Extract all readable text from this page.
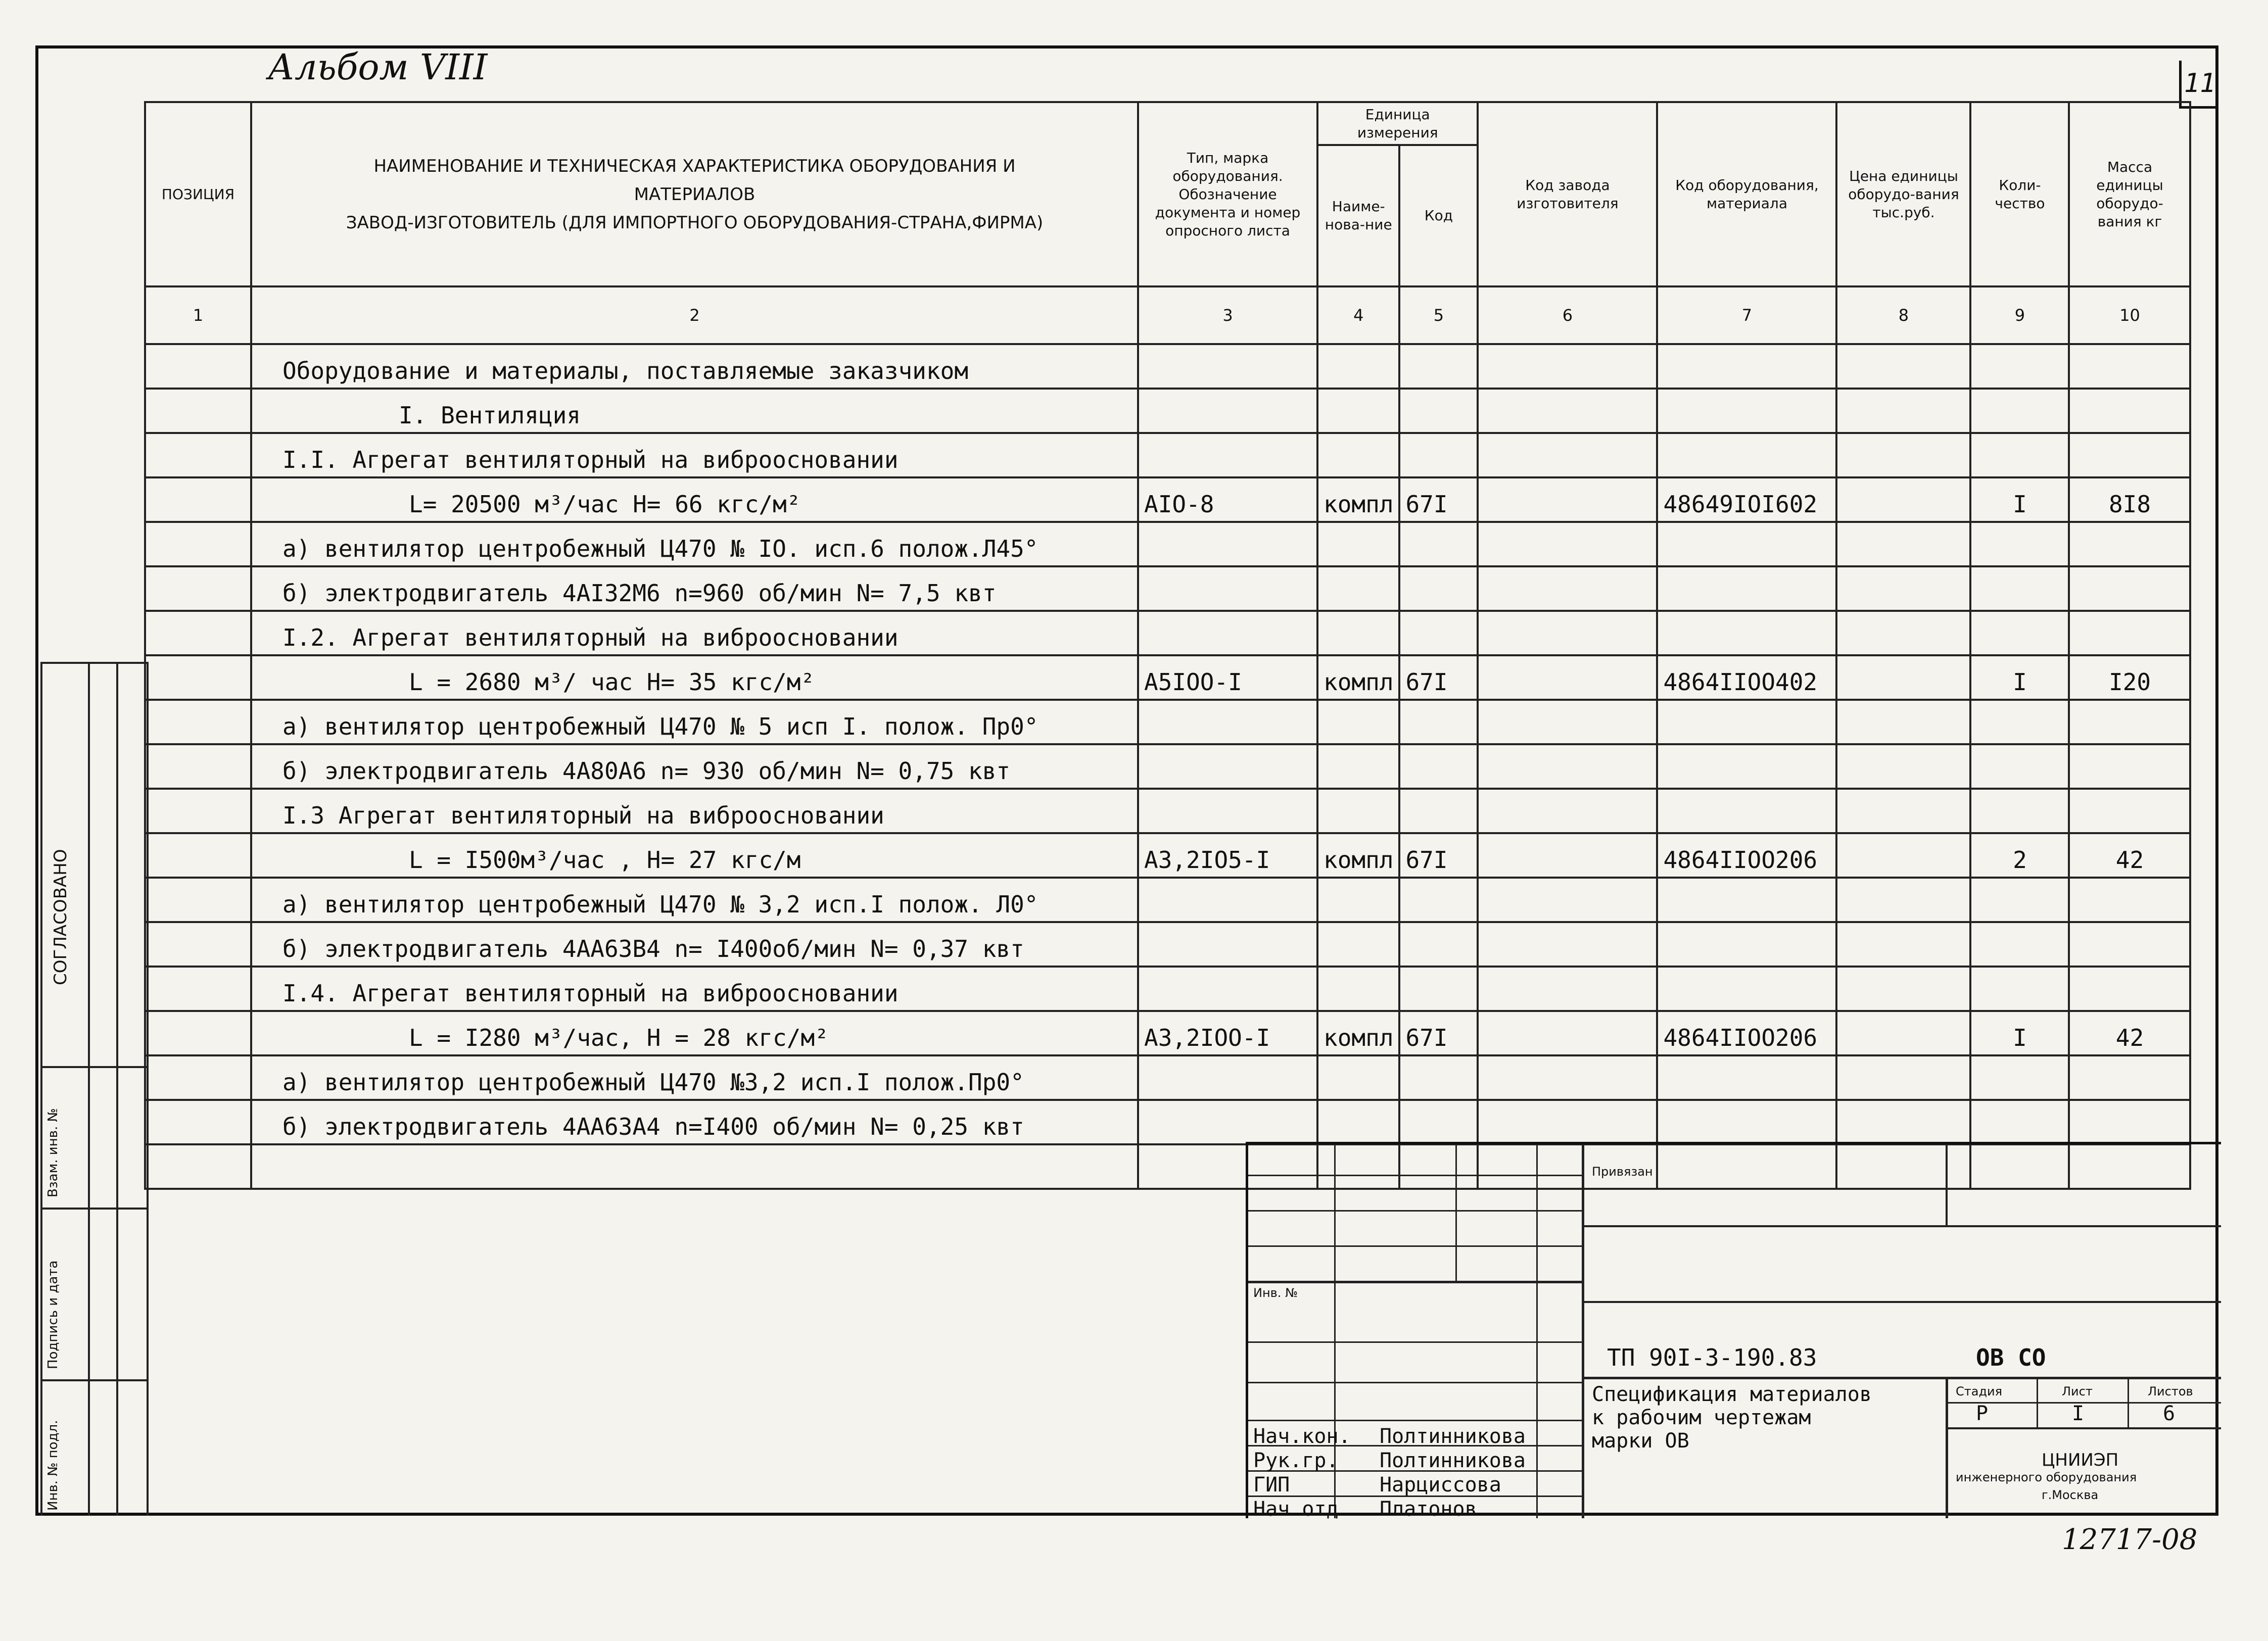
11
Альбом VIII
ПОЗИЦИЯ	НАИМЕНОВАНИЕ И ТЕХНИЧЕСКАЯ ХАРАКТЕРИСТИКА ОБОРУДОВАНИЯ И
МАТЕРИАЛОВ
ЗАВОД-ИЗГОТОВИТЕЛЬ (ДЛЯ ИМПОРТНОГО ОБОРУДОВАНИЯ-СТРАНА,ФИРМА)	Тип, марка оборудования. Обозначение документа и номер опросного листа	Единица измерения		Код завода изготовителя	Код оборудования, материала	Цена единицы оборудо-вания тыс.руб.	Коли-чество	Масса единицы оборудо-вания кг
			Наиме-нова-ние	Код					
1	2	3	4	5	6	7	8	9	10
	Оборудование и материалы, поставляемые заказчиком								
	I. Вентиляция								
	I.I. Агрегат вентиляторный на виброосновании								
	L= 20500 м³/час H= 66 кгс/м²	AIO-8	компл	67I		48649IOI602		I	8I8
	а) вентилятор центробежный Ц470 № IO. исп.6 полож.Л45°								
	б) электродвигатель 4АI32М6 n=960 об/мин N= 7,5 квт								
	I.2. Агрегат вентиляторный на виброосновании								
	L = 2680 м³/ час H= 35 кгс/м²	A5IOO-I	компл	67I		4864IIOO402		I	I20
	а) вентилятор центробежный Ц470 № 5 исп I. полож. Пр0°								
	б) электродвигатель 4А80А6 n= 930 об/мин N= 0,75 квт								
	I.3 Агрегат вентиляторный на виброосновании								
	L = I500м³/час , H= 27 кгс/м	A3,2IO5-I	компл	67I		4864IIOO206		2	42
	а) вентилятор центробежный Ц470 № 3,2 исп.I полож. Л0°								
	б) электродвигатель 4АА63В4 n= I400об/мин N= 0,37 квт								
	I.4. Агрегат вентиляторный на виброосновании								
	L = I280 м³/час, H = 28 кгс/м²	A3,2IOO-I	компл	67I		4864IIOO206		I	42
	а) вентилятор центробежный Ц470 №3,2 исп.I полож.Пр0°								
	б) электродвигатель 4АА63А4 n=I400 об/мин N= 0,25 квт								

СОГЛАСОВАНО
Взам. инв. №
Подпись и дата
Инв. № подл.
Привязан
Инв. №
ТП 90I-3-190.83	ОВ СО
Спецификация материалов
к рабочим чертежам
марки ОВ
Стадия	Лист	Листов
Р	I	6
ЦНИИЭП
инженерного оборудования
г.Москва
Нач.кон. Полтинникова
Рук.гр. Полтинникова
ГИП	Нарциссова
Нач.отд. Платонов
12717-08
